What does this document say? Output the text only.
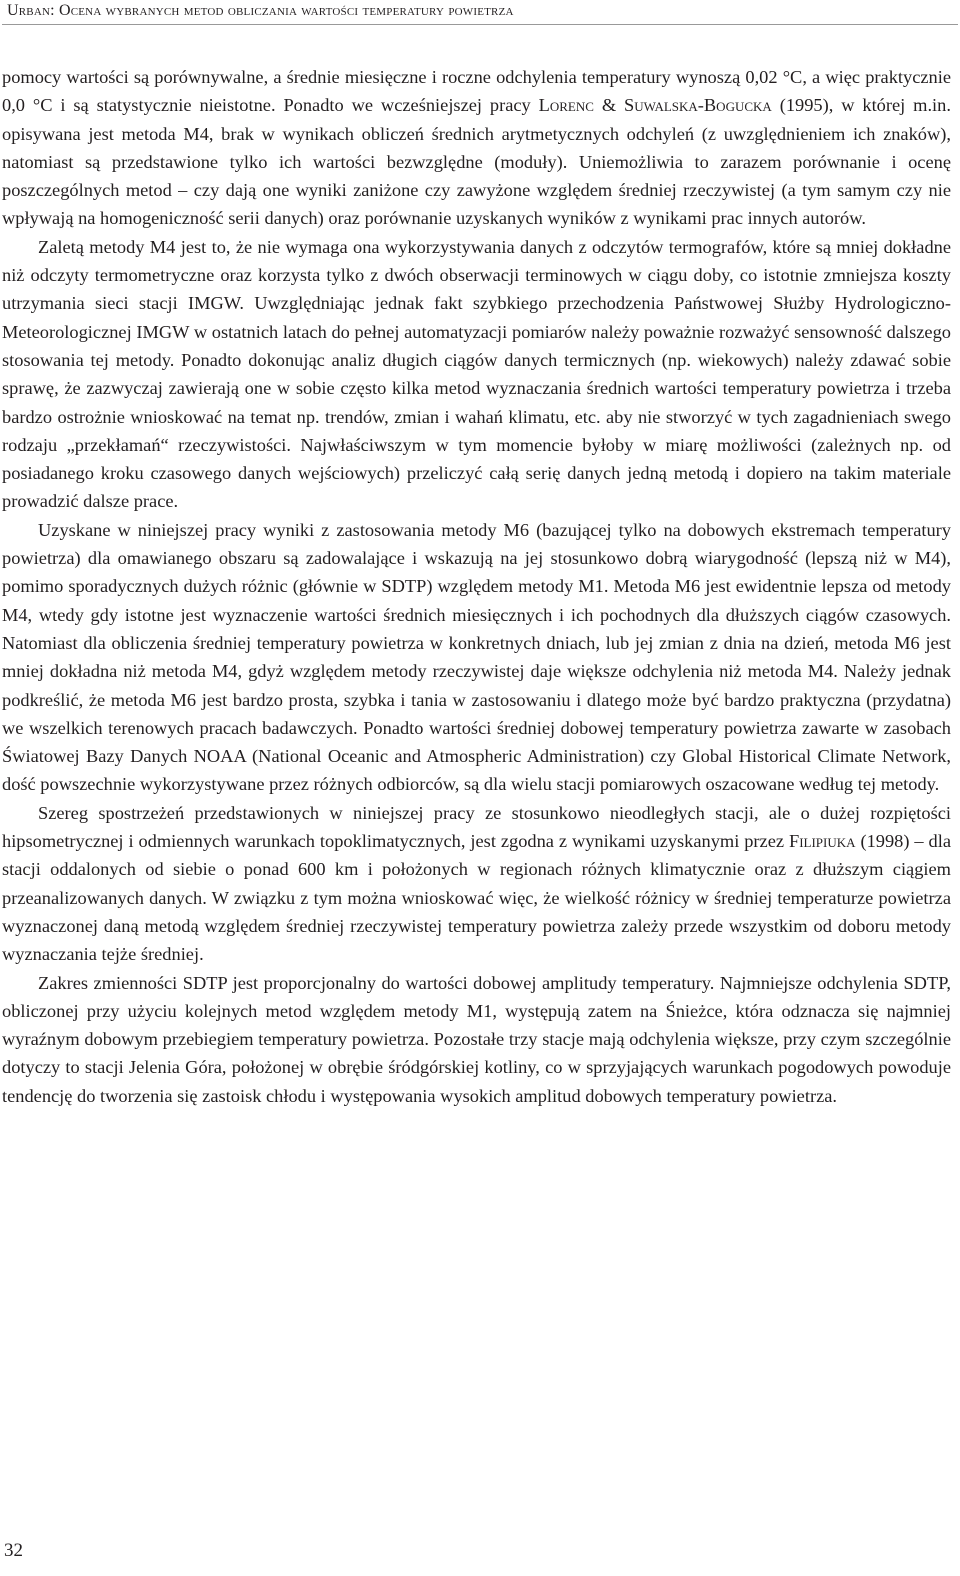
Urban: Ocena wybranych metod obliczania wartości temperatury powietrza

pomocy wartości są porównywalne, a średnie miesięczne i roczne odchylenia temperatury wynoszą 0,02 °C, a więc praktycznie 0,0 °C i są statystycznie nieistotne. Ponadto we wcześniejszej pracy Lorenc & Suwalska-Bogucka (1995), w której m.in. opisywana jest metoda M4, brak w wynikach obliczeń średnich arytmetycznych odchyleń (z uwzględnieniem ich znaków), natomiast są przedstawione tylko ich wartości bezwzględne (moduły). Uniemożliwia to zarazem porównanie i ocenę poszczególnych metod – czy dają one wyniki zaniżone czy zawyżone względem średniej rzeczywistej (a tym samym czy nie wpływają na homogeniczność serii danych) oraz porównanie uzyskanych wyników z wynikami prac innych autorów.

Zaletą metody M4 jest to, że nie wymaga ona wykorzystywania danych z odczytów termografów, które są mniej dokładne niż odczyty termometryczne oraz korzysta tylko z dwóch obserwacji terminowych w ciągu doby, co istotnie zmniejsza koszty utrzymania sieci stacji IMGW. Uwzględniając jednak fakt szybkiego przechodzenia Państwowej Służby Hydrologiczno-Meteorologicznej IMGW w ostatnich latach do pełnej automatyzacji pomiarów należy poważnie rozważyć sensowność dalszego stosowania tej metody. Ponadto dokonując analiz długich ciągów danych termicznych (np. wiekowych) należy zdawać sobie sprawę, że zazwyczaj zawierają one w sobie często kilka metod wyznaczania średnich wartości temperatury powietrza i trzeba bardzo ostrożnie wnioskować na temat np. trendów, zmian i wahań klimatu, etc. aby nie stworzyć w tych zagadnieniach swego rodzaju „przekłamań“ rzeczywistości. Najwłaściwszym w tym momencie byłoby w miarę możliwości (zależnych np. od posiadanego kroku czasowego danych wejściowych) przeliczyć całą serię danych jedną metodą i dopiero na takim materiale prowadzić dalsze prace.

Uzyskane w niniejszej pracy wyniki z zastosowania metody M6 (bazującej tylko na dobowych ekstremach temperatury powietrza) dla omawianego obszaru są zadowalające i wskazują na jej stosunkowo dobrą wiarygodność (lepszą niż w M4), pomimo sporadycznych dużych różnic (głównie w SDTP) względem metody M1. Metoda M6 jest ewidentnie lepsza od metody M4, wtedy gdy istotne jest wyznaczenie wartości średnich miesięcznych i ich pochodnych dla dłuższych ciągów czasowych. Natomiast dla obliczenia średniej temperatury powietrza w konkretnych dniach, lub jej zmian z dnia na dzień, metoda M6 jest mniej dokładna niż metoda M4, gdyż względem metody rzeczywistej daje większe odchylenia niż metoda M4. Należy jednak podkreślić, że metoda M6 jest bardzo prosta, szybka i tania w zastosowaniu i dlatego może być bardzo praktyczna (przydatna) we wszelkich terenowych pracach badawczych. Ponadto wartości średniej dobowej temperatury powietrza zawarte w zasobach Światowej Bazy Danych NOAA (National Oceanic and Atmospheric Administration) czy Global Historical Climate Network, dość powszechnie wykorzystywane przez różnych odbiorców, są dla wielu stacji pomiarowych oszacowane według tej metody.

Szereg spostrzeżeń przedstawionych w niniejszej pracy ze stosunkowo nieodległych stacji, ale o dużej rozpiętości hipsometrycznej i odmiennych warunkach topoklimatycznych, jest zgodna z wynikami uzyskanymi przez Filipiuka (1998) – dla stacji oddalonych od siebie o ponad 600 km i położonych w regionach różnych klimatycznie oraz z dłuższym ciągiem przeanalizowanych danych. W związku z tym można wnioskować więc, że wielkość różnicy w średniej temperaturze powietrza wyznaczonej daną metodą względem średniej rzeczywistej temperatury powietrza zależy przede wszystkim od doboru metody wyznaczania tejże średniej.

Zakres zmienności SDTP jest proporcjonalny do wartości dobowej amplitudy temperatury. Najmniejsze odchylenia SDTP, obliczonej przy użyciu kolejnych metod względem metody M1, występują zatem na Śnieżce, która odznacza się najmniej wyraźnym dobowym przebiegiem temperatury powietrza. Pozostałe trzy stacje mają odchylenia większe, przy czym szczególnie dotyczy to stacji Jelenia Góra, położonej w obrębie śródgórskiej kotliny, co w sprzyjających warunkach pogodowych powoduje tendencję do tworzenia się zastoisk chłodu i występowania wysokich amplitud dobowych temperatury powietrza.

32
